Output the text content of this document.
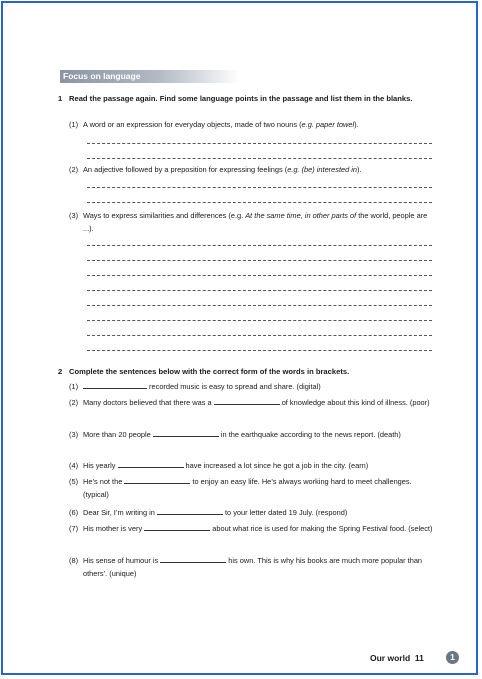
Focus on language
1 Read the passage again. Find some language points in the passage and list them in the blanks.
(1) A word or an expression for everyday objects, made of two nouns (e.g. paper towel).
(2) An adjective followed by a preposition for expressing feelings (e.g. (be) interested in).
(3) Ways to express similarities and differences (e.g. At the same time, in other parts of the world, people are ...).
2 Complete the sentences below with the correct form of the words in brackets.
(1)	recorded music is easy to spread and share. (digital)
(2) Many doctors believed that there was a	of knowledge about this kind of illness. (poor)
(3) More than 20 people	in the earthquake according to the news report. (death)
(4) His yearly	have increased a lot since he got a job in the city. (earn)
(5) He’s not the	to enjoy an easy life. He’s always working hard to meet challenges. (typical)
(6) Dear Sir, I’m writing in	to your letter dated 19 July. (respond)
(7) His mother is very	about what rice is used for making the Spring Festival food. (select)
(8) His sense of humour is	his own. This is why his books are much more popular than others’. (unique)
Our world 11	1
